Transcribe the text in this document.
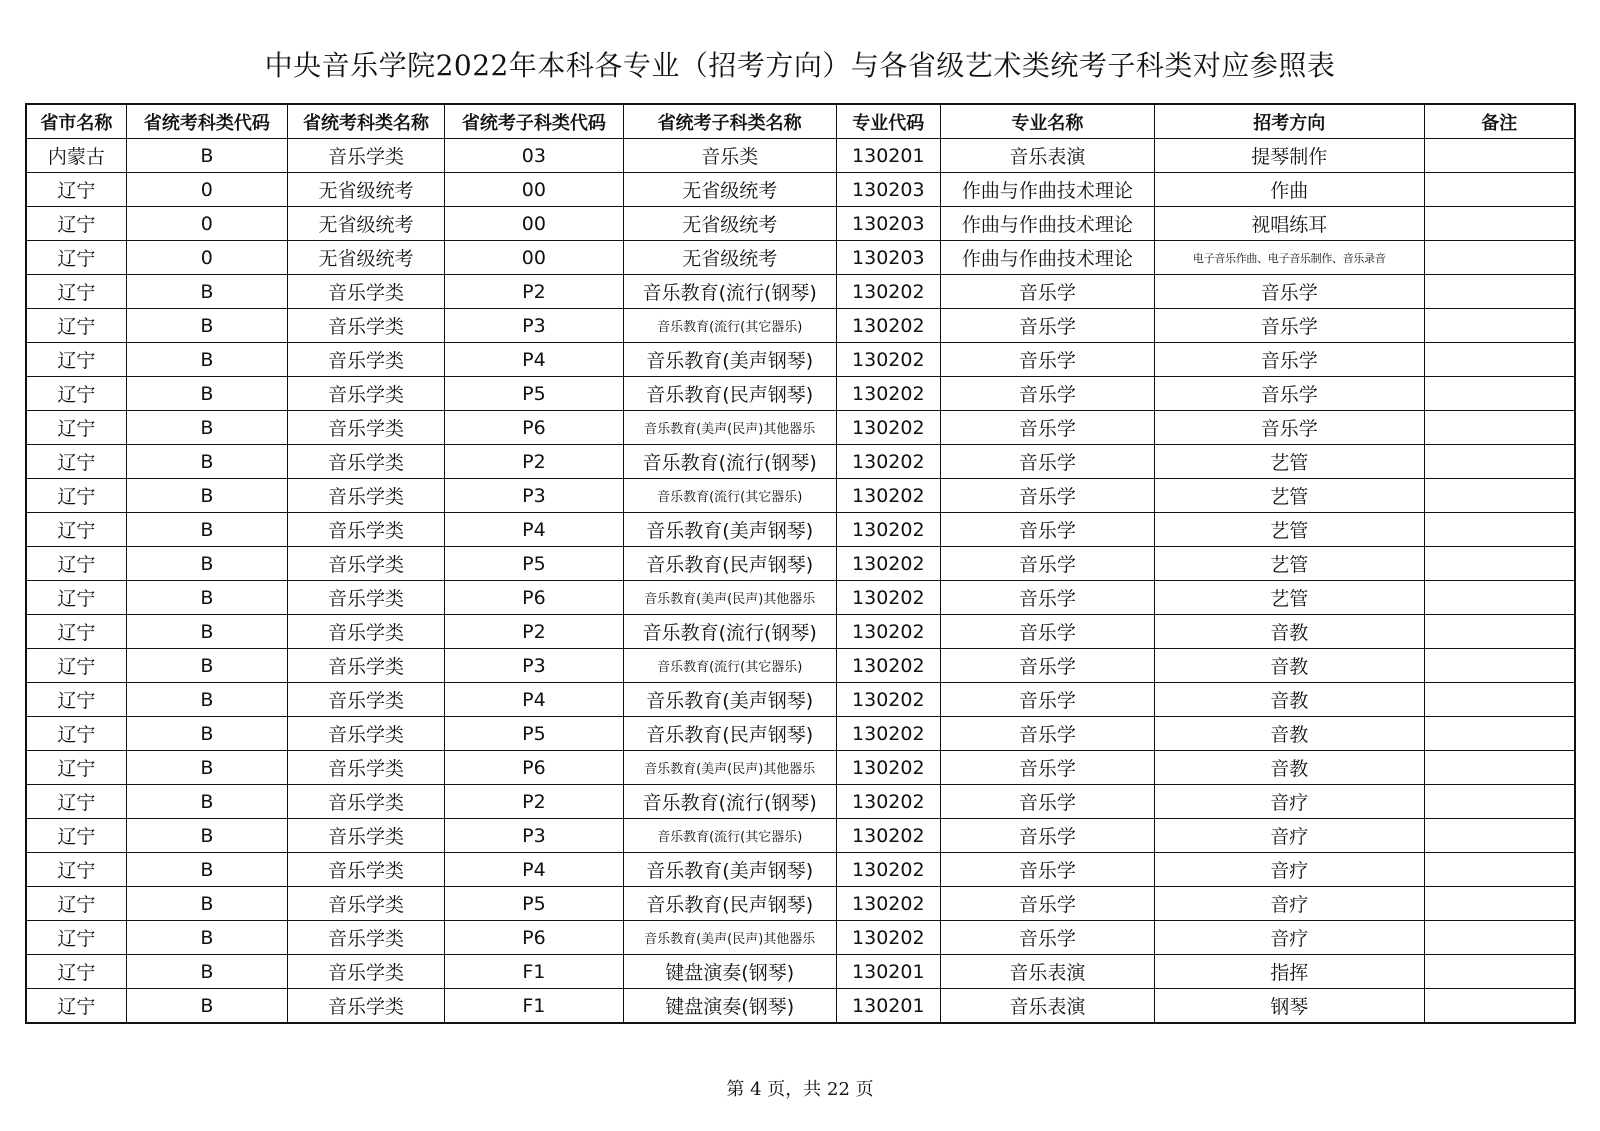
中央音乐学院2022年本科各专业（招考方向）与各省级艺术类统考子科类对应参照表
省市名称	省统考科类代码	省统考科类名称	省统考子科类代码	省统考子科类名称	专业代码	专业名称	招考方向	备注
内蒙古	B	音乐学类	03	音乐类	130201	音乐表演	提琴制作	
辽宁	0	无省级统考	00	无省级统考	130203	作曲与作曲技术理论	作曲	
辽宁	0	无省级统考	00	无省级统考	130203	作曲与作曲技术理论	视唱练耳	
辽宁	0	无省级统考	00	无省级统考	130203	作曲与作曲技术理论	电子音乐作曲、电子音乐制作、音乐录音	
辽宁	B	音乐学类	P2	音乐教育(流行(钢琴)	130202	音乐学	音乐学	
辽宁	B	音乐学类	P3	音乐教育(流行(其它器乐)	130202	音乐学	音乐学	
辽宁	B	音乐学类	P4	音乐教育(美声钢琴)	130202	音乐学	音乐学	
辽宁	B	音乐学类	P5	音乐教育(民声钢琴)	130202	音乐学	音乐学	
辽宁	B	音乐学类	P6	音乐教育(美声(民声)其他器乐	130202	音乐学	音乐学	
辽宁	B	音乐学类	P2	音乐教育(流行(钢琴)	130202	音乐学	艺管	
辽宁	B	音乐学类	P3	音乐教育(流行(其它器乐)	130202	音乐学	艺管	
辽宁	B	音乐学类	P4	音乐教育(美声钢琴)	130202	音乐学	艺管	
辽宁	B	音乐学类	P5	音乐教育(民声钢琴)	130202	音乐学	艺管	
辽宁	B	音乐学类	P6	音乐教育(美声(民声)其他器乐	130202	音乐学	艺管	
辽宁	B	音乐学类	P2	音乐教育(流行(钢琴)	130202	音乐学	音教	
辽宁	B	音乐学类	P3	音乐教育(流行(其它器乐)	130202	音乐学	音教	
辽宁	B	音乐学类	P4	音乐教育(美声钢琴)	130202	音乐学	音教	
辽宁	B	音乐学类	P5	音乐教育(民声钢琴)	130202	音乐学	音教	
辽宁	B	音乐学类	P6	音乐教育(美声(民声)其他器乐	130202	音乐学	音教	
辽宁	B	音乐学类	P2	音乐教育(流行(钢琴)	130202	音乐学	音疗	
辽宁	B	音乐学类	P3	音乐教育(流行(其它器乐)	130202	音乐学	音疗	
辽宁	B	音乐学类	P4	音乐教育(美声钢琴)	130202	音乐学	音疗	
辽宁	B	音乐学类	P5	音乐教育(民声钢琴)	130202	音乐学	音疗	
辽宁	B	音乐学类	P6	音乐教育(美声(民声)其他器乐	130202	音乐学	音疗	
辽宁	B	音乐学类	F1	键盘演奏(钢琴)	130201	音乐表演	指挥	
辽宁	B	音乐学类	F1	键盘演奏(钢琴)	130201	音乐表演	钢琴	
第 4 页，共 22 页
